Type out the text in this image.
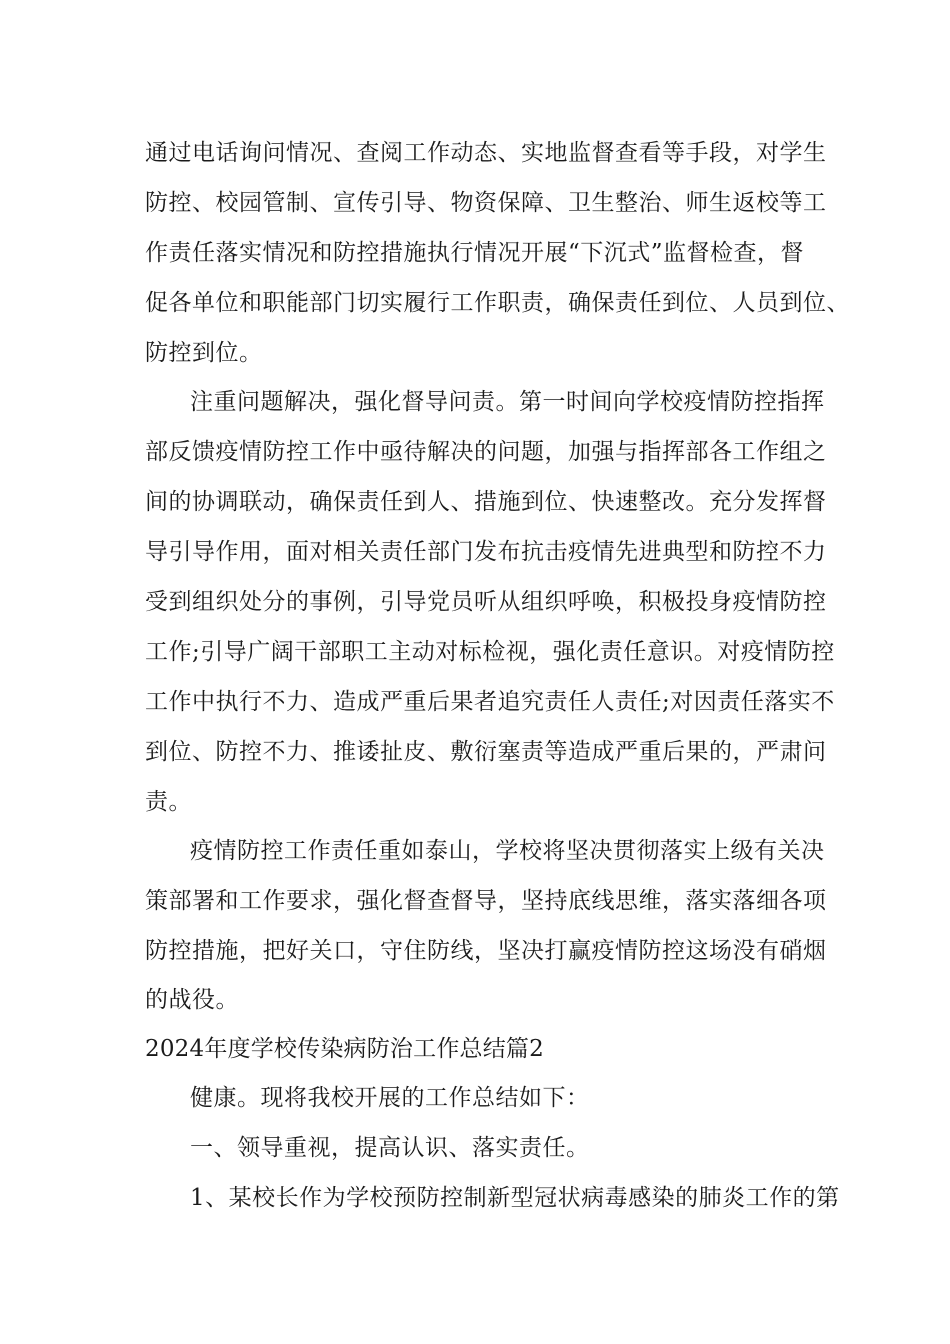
通过电话询问情况、查阅工作动态、实地监督查看等手段，对学生
防控、校园管制、宣传引导、物资保障、卫生整治、师生返校等工
作责任落实情况和防控措施执行情况开展“下沉式”监督检查，督
促各单位和职能部门切实履行工作职责，确保责任到位、人员到位、
防控到位。
注重问题解决，强化督导问责。第一时间向学校疫情防控指挥
部反馈疫情防控工作中亟待解决的问题，加强与指挥部各工作组之
间的协调联动，确保责任到人、措施到位、快速整改。充分发挥督
导引导作用，面对相关责任部门发布抗击疫情先进典型和防控不力
受到组织处分的事例，引导党员听从组织呼唤，积极投身疫情防控
工作;引导广阔干部职工主动对标检视，强化责任意识。对疫情防控
工作中执行不力、造成严重后果者追究责任人责任;对因责任落实不
到位、防控不力、推诿扯皮、敷衍塞责等造成严重后果的，严肃问
责。
疫情防控工作责任重如泰山，学校将坚决贯彻落实上级有关决
策部署和工作要求，强化督查督导，坚持底线思维，落实落细各项
防控措施，把好关口，守住防线，坚决打赢疫情防控这场没有硝烟
的战役。
2024年度学校传染病防治工作总结篇2
健康。现将我校开展的工作总结如下：
一、领导重视，提高认识、落实责任。
1、某校长作为学校预防控制新型冠状病毒感染的肺炎工作的第
